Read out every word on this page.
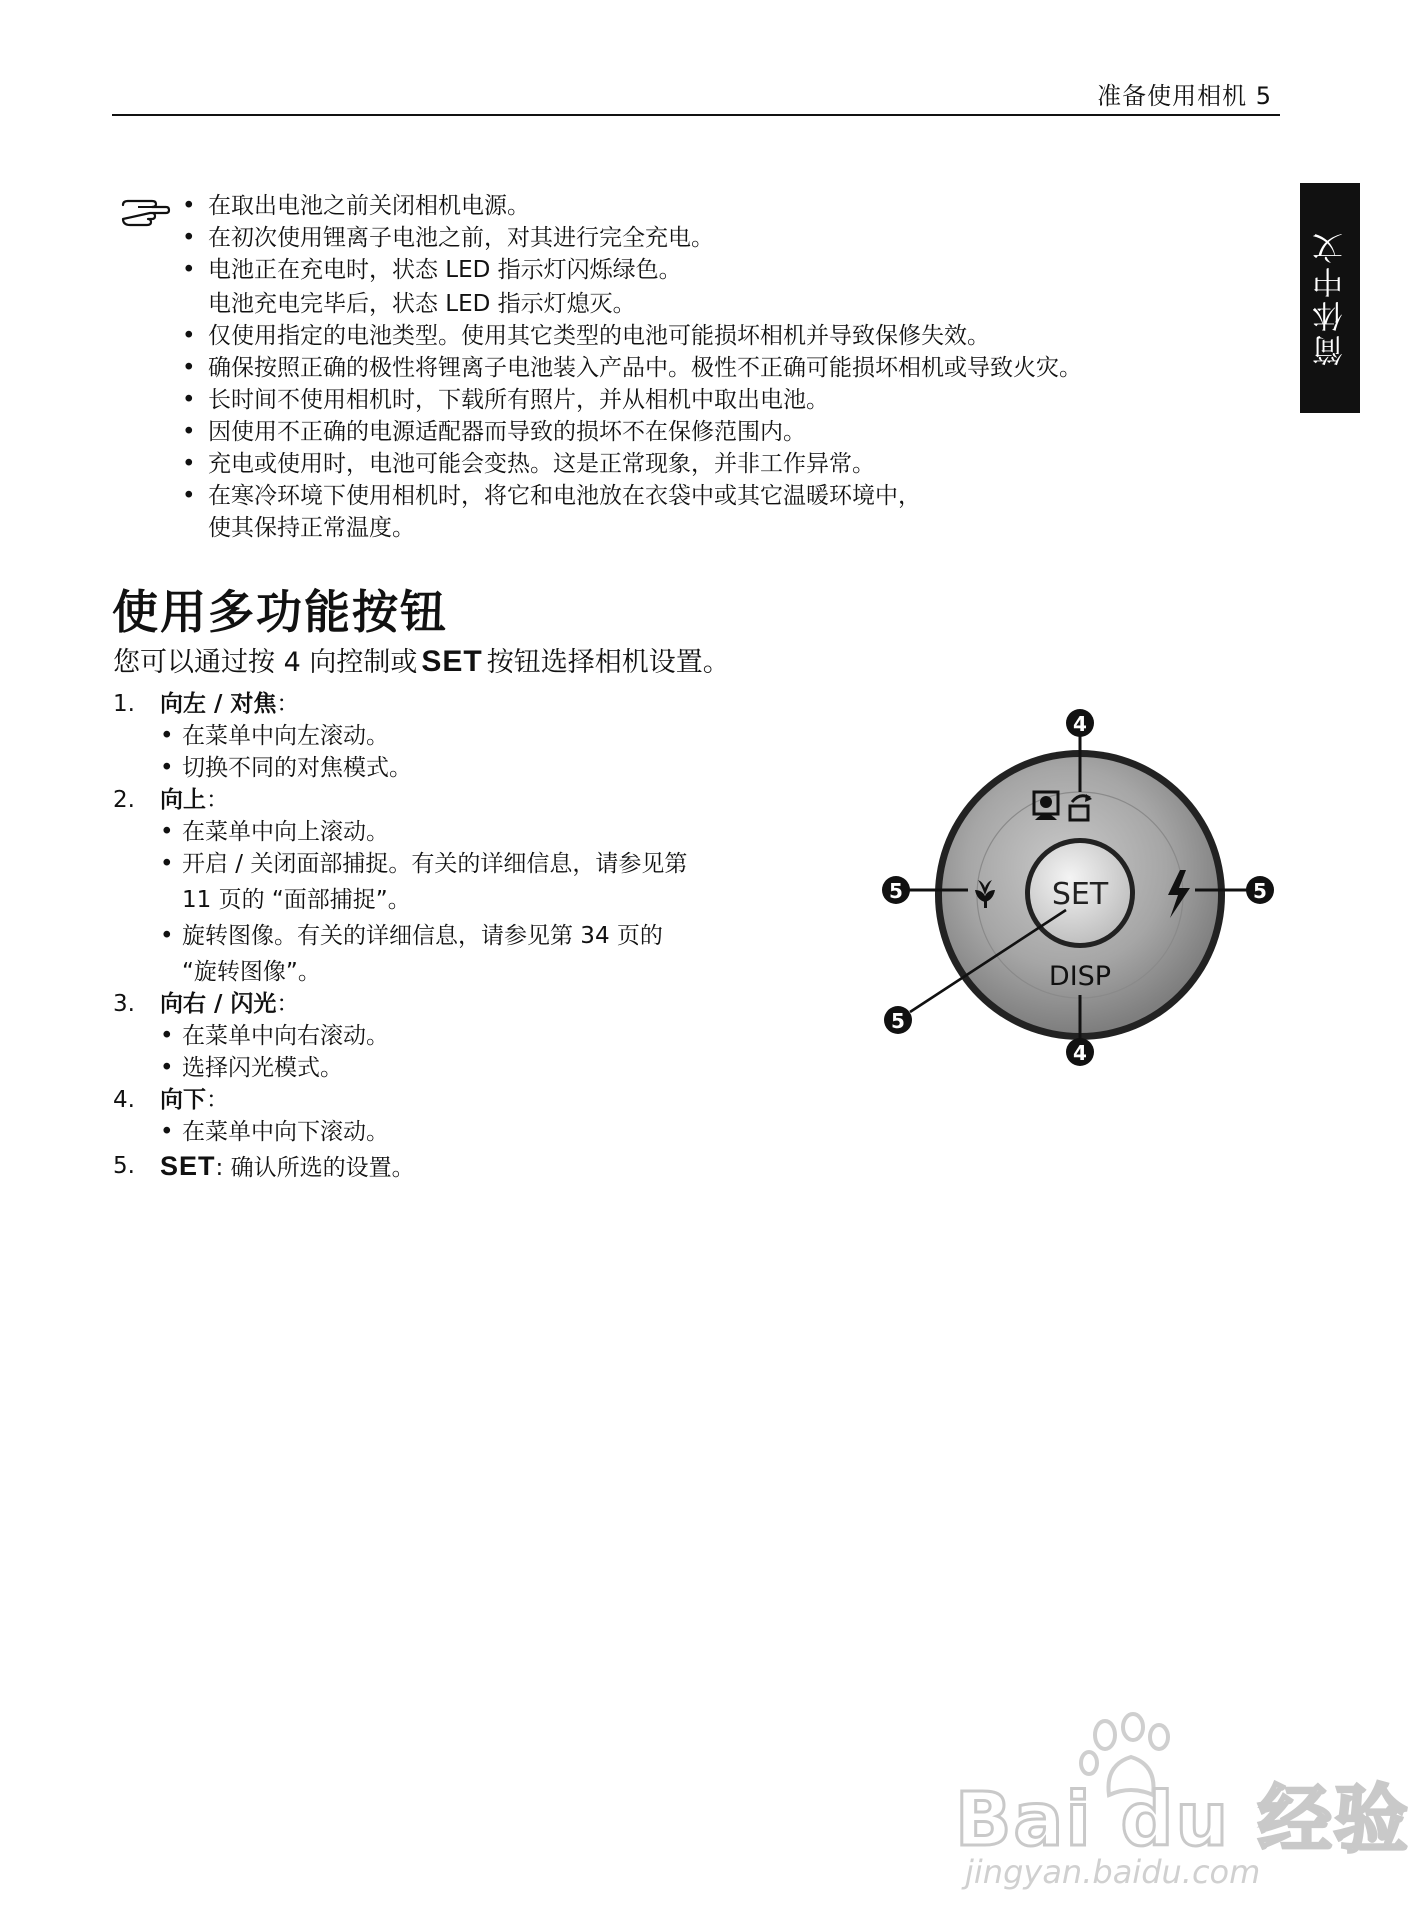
准备使用相机 5
简体中文
• 在取出电池之前关闭相机电源。
• 在初次使用锂离子电池之前，对其进行完全充电。
• 电池正在充电时，状态 LED 指示灯闪烁绿色。
电池充电完毕后，状态 LED 指示灯熄灭。
• 仅使用指定的电池类型。使用其它类型的电池可能损坏相机并导致保修失效。
• 确保按照正确的极性将锂离子电池装入产品中。极性不正确可能损坏相机或导致火灾。
• 长时间不使用相机时，下载所有照片，并从相机中取出电池。
• 因使用不正确的电源适配器而导致的损坏不在保修范围内。
• 充电或使用时，电池可能会变热。这是正常现象，并非工作异常。
• 在寒冷环境下使用相机时，将它和电池放在衣袋中或其它温暖环境中，
使其保持正常温度。
使用多功能按钮
您可以通过按 4 向控制或 SET 按钮选择相机设置。
1. 向左 / 对焦：
• 在菜单中向左滚动。
• 切换不同的对焦模式。
2. 向上：
• 在菜单中向上滚动。
• 开启 / 关闭面部捕捉。有关的详细信息，请参见第
11 页的 “面部捕捉”。
• 旋转图像。有关的详细信息，请参见第 34 页的
“旋转图像”。
3. 向右 / 闪光：
• 在菜单中向右滚动。
• 选择闪光模式。
4. 向下：
• 在菜单中向下滚动。
5. SET: 确认所选的设置。
SET
DISP
4
4
5	5
5
Bai du 经验
jingyan.baidu.com
